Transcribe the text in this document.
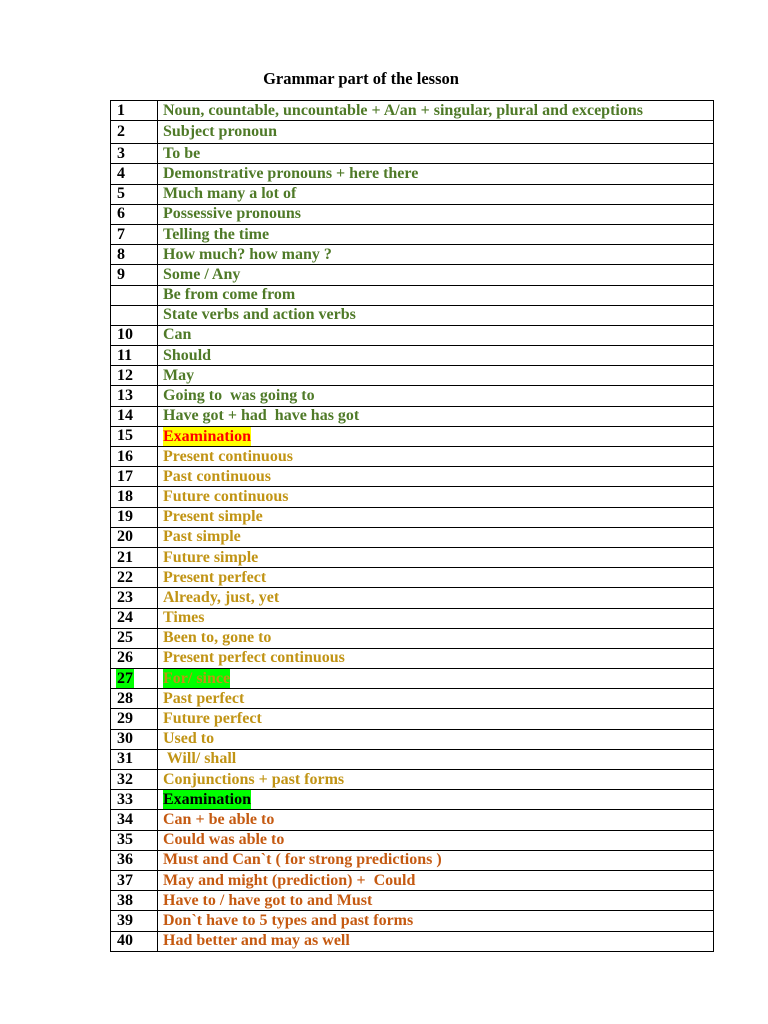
Grammar part of the lesson
1	Noun, countable, uncountable + A/an + singular, plural and exceptions
2	Subject pronoun
3	To be
4	Demonstrative pronouns + here there
5	Much many a lot of
6	Possessive pronouns
7	Telling the time
8	How much? how many ?
9	Some / Any
	Be from come from
	State verbs and action verbs
10	Can
11	Should
12	May
13	Going to  was going to
14	Have got + had  have has got
15	Examination
16	Present continuous
17	Past continuous
18	Future continuous
19	Present simple
20	Past simple
21	Future simple
22	Present perfect
23	Already, just, yet
24	Times
25	Been to, gone to
26	Present perfect continuous
27	For/ since
28	Past perfect
29	Future perfect
30	Used to
31	Will/ shall
32	Conjunctions + past forms
33	Examination
34	Can + be able to
35	Could was able to
36	Must and Can`t ( for strong predictions )
37	May and might (prediction) +  Could
38	Have to / have got to and Must
39	Don`t have to 5 types and past forms
40	Had better and may as well
